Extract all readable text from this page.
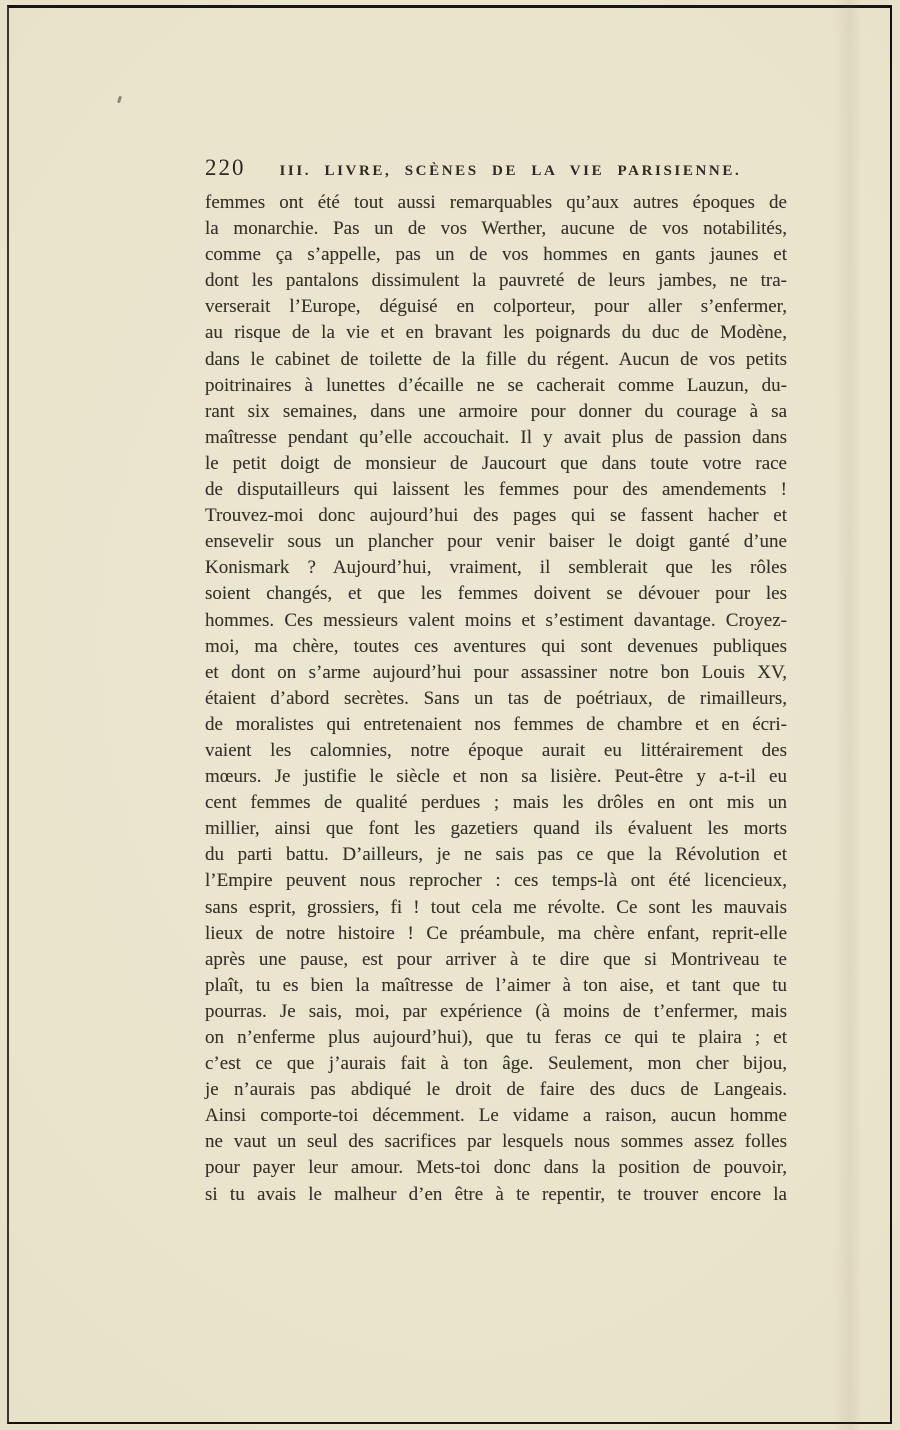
220 III. LIVRE, SCÈNES DE LA VIE PARISIENNE.
femmes ont été tout aussi remarquables qu’aux autres époques de
la monarchie. Pas un de vos Werther, aucune de vos notabilités,
comme ça s’appelle, pas un de vos hommes en gants jaunes et
dont les pantalons dissimulent la pauvreté de leurs jambes, ne tra-
verserait l’Europe, déguisé en colporteur, pour aller s’enfermer,
au risque de la vie et en bravant les poignards du duc de Modène,
dans le cabinet de toilette de la fille du régent. Aucun de vos petits
poitrinaires à lunettes d’écaille ne se cacherait comme Lauzun, du-
rant six semaines, dans une armoire pour donner du courage à sa
maîtresse pendant qu’elle accouchait. Il y avait plus de passion dans
le petit doigt de monsieur de Jaucourt que dans toute votre race
de disputailleurs qui laissent les femmes pour des amendements !
Trouvez-moi donc aujourd’hui des pages qui se fassent hacher et
ensevelir sous un plancher pour venir baiser le doigt ganté d’une
Konismark ? Aujourd’hui, vraiment, il semblerait que les rôles
soient changés, et que les femmes doivent se dévouer pour les
hommes. Ces messieurs valent moins et s’estiment davantage. Croyez-
moi, ma chère, toutes ces aventures qui sont devenues publiques
et dont on s’arme aujourd’hui pour assassiner notre bon Louis XV,
étaient d’abord secrètes. Sans un tas de poétriaux, de rimailleurs,
de moralistes qui entretenaient nos femmes de chambre et en écri-
vaient les calomnies, notre époque aurait eu littérairement des
mœurs. Je justifie le siècle et non sa lisière. Peut-être y a-t-il eu
cent femmes de qualité perdues ; mais les drôles en ont mis un
millier, ainsi que font les gazetiers quand ils évaluent les morts
du parti battu. D’ailleurs, je ne sais pas ce que la Révolution et
l’Empire peuvent nous reprocher : ces temps-là ont été licencieux,
sans esprit, grossiers, fi ! tout cela me révolte. Ce sont les mauvais
lieux de notre histoire ! Ce préambule, ma chère enfant, reprit-elle
après une pause, est pour arriver à te dire que si Montriveau te
plaît, tu es bien la maîtresse de l’aimer à ton aise, et tant que tu
pourras. Je sais, moi, par expérience (à moins de t’enfermer, mais
on n’enferme plus aujourd’hui), que tu feras ce qui te plaira ; et
c’est ce que j’aurais fait à ton âge. Seulement, mon cher bijou,
je n’aurais pas abdiqué le droit de faire des ducs de Langeais.
Ainsi comporte-toi décemment. Le vidame a raison, aucun homme
ne vaut un seul des sacrifices par lesquels nous sommes assez folles
pour payer leur amour. Mets-toi donc dans la position de pouvoir,
si tu avais le malheur d’en être à te repentir, te trouver encore la
